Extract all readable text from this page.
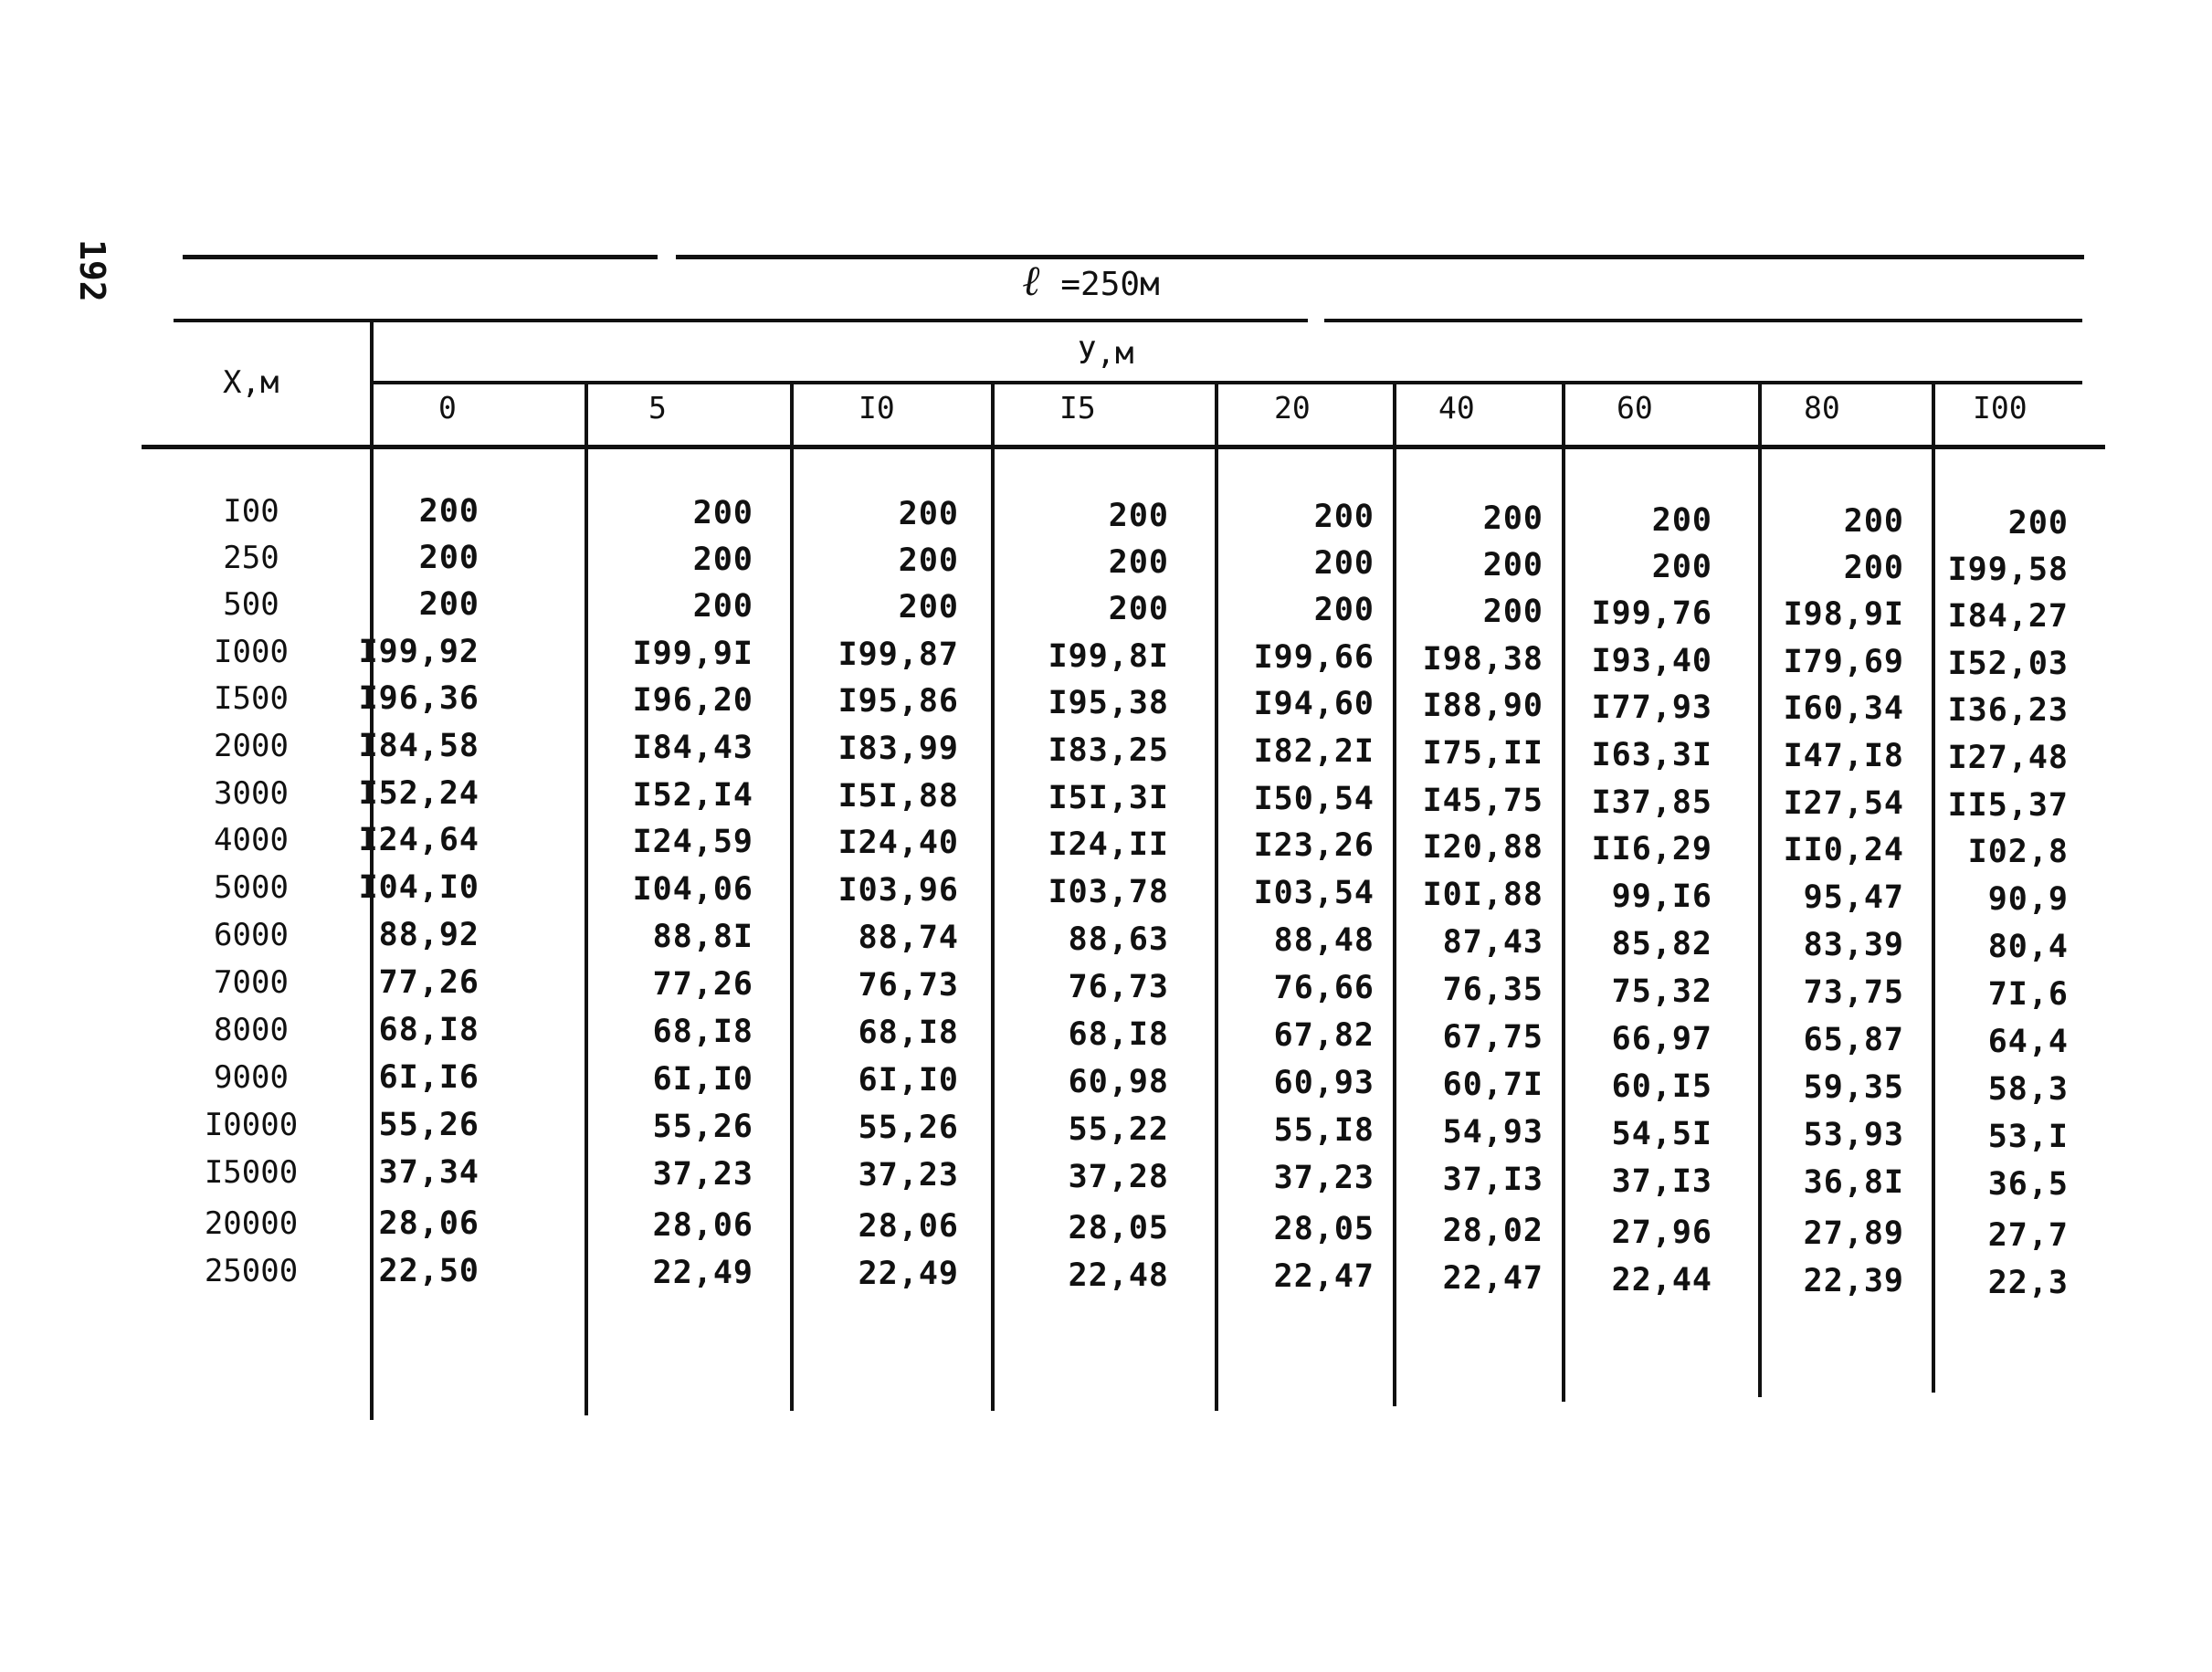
192	ℓ =250м
X,м
У,м
0	5	I0	I5	20	40	60	80	I00
I00	200	200	200	200	200	200	200	200	200
250	200	200	200	200	200	200	200	200 I99,58
500	200	200	200	200	200	200 I99,76 I98,9I I84,27
I000	I99,92	I99,9I	I99,87	I99,8I	I99,66 I98,38 I93,40 I79,69 I52,03
I500	I96,36	I96,20	I95,86	I95,38	I94,60 I88,90 I77,93 I60,34 I36,23
2000	I84,58	I84,43	I83,99	I83,25	I82,2I I75,II I63,3I I47,I8 I27,48
3000	I52,24	I52,I4	I5I,88	I5I,3I	I50,54 I45,75 I37,85 I27,54 II5,37
4000	I24,64	I24,59	I24,40	I24,II	I23,26 I20,88 II6,29 II0,24 I02,8
5000	I04,I0	I04,06	I03,96	I03,78	I03,54 I0I,88 99,I6	95,47	90,9
6000	88,92	88,8I	88,74	88,63	88,48 87,43 85,82	83,39	80,4
7000	77,26	77,26	76,73	76,73	76,66 76,35 75,32	73,75	7I,6
8000	68,I8	68,I8	68,I8	68,I8	67,82 67,75 66,97	65,87	64,4
9000	6I,I6	6I,I0	6I,I0	60,98	60,93 60,7I 60,I5	59,35	58,3
I0000	55,26	55,26	55,26	55,22	55,I8 54,93 54,5I	53,93	53,I
I5000	37,34	37,23	37,23	37,28	37,23 37,I3 37,I3	36,8I	36,5
20000	28,06	28,06	28,06	28,05	28,05 28,02 27,96	27,89	27,7
25000	22,50	22,49	22,49	22,48	22,47 22,47 22,44	22,39	22,3
